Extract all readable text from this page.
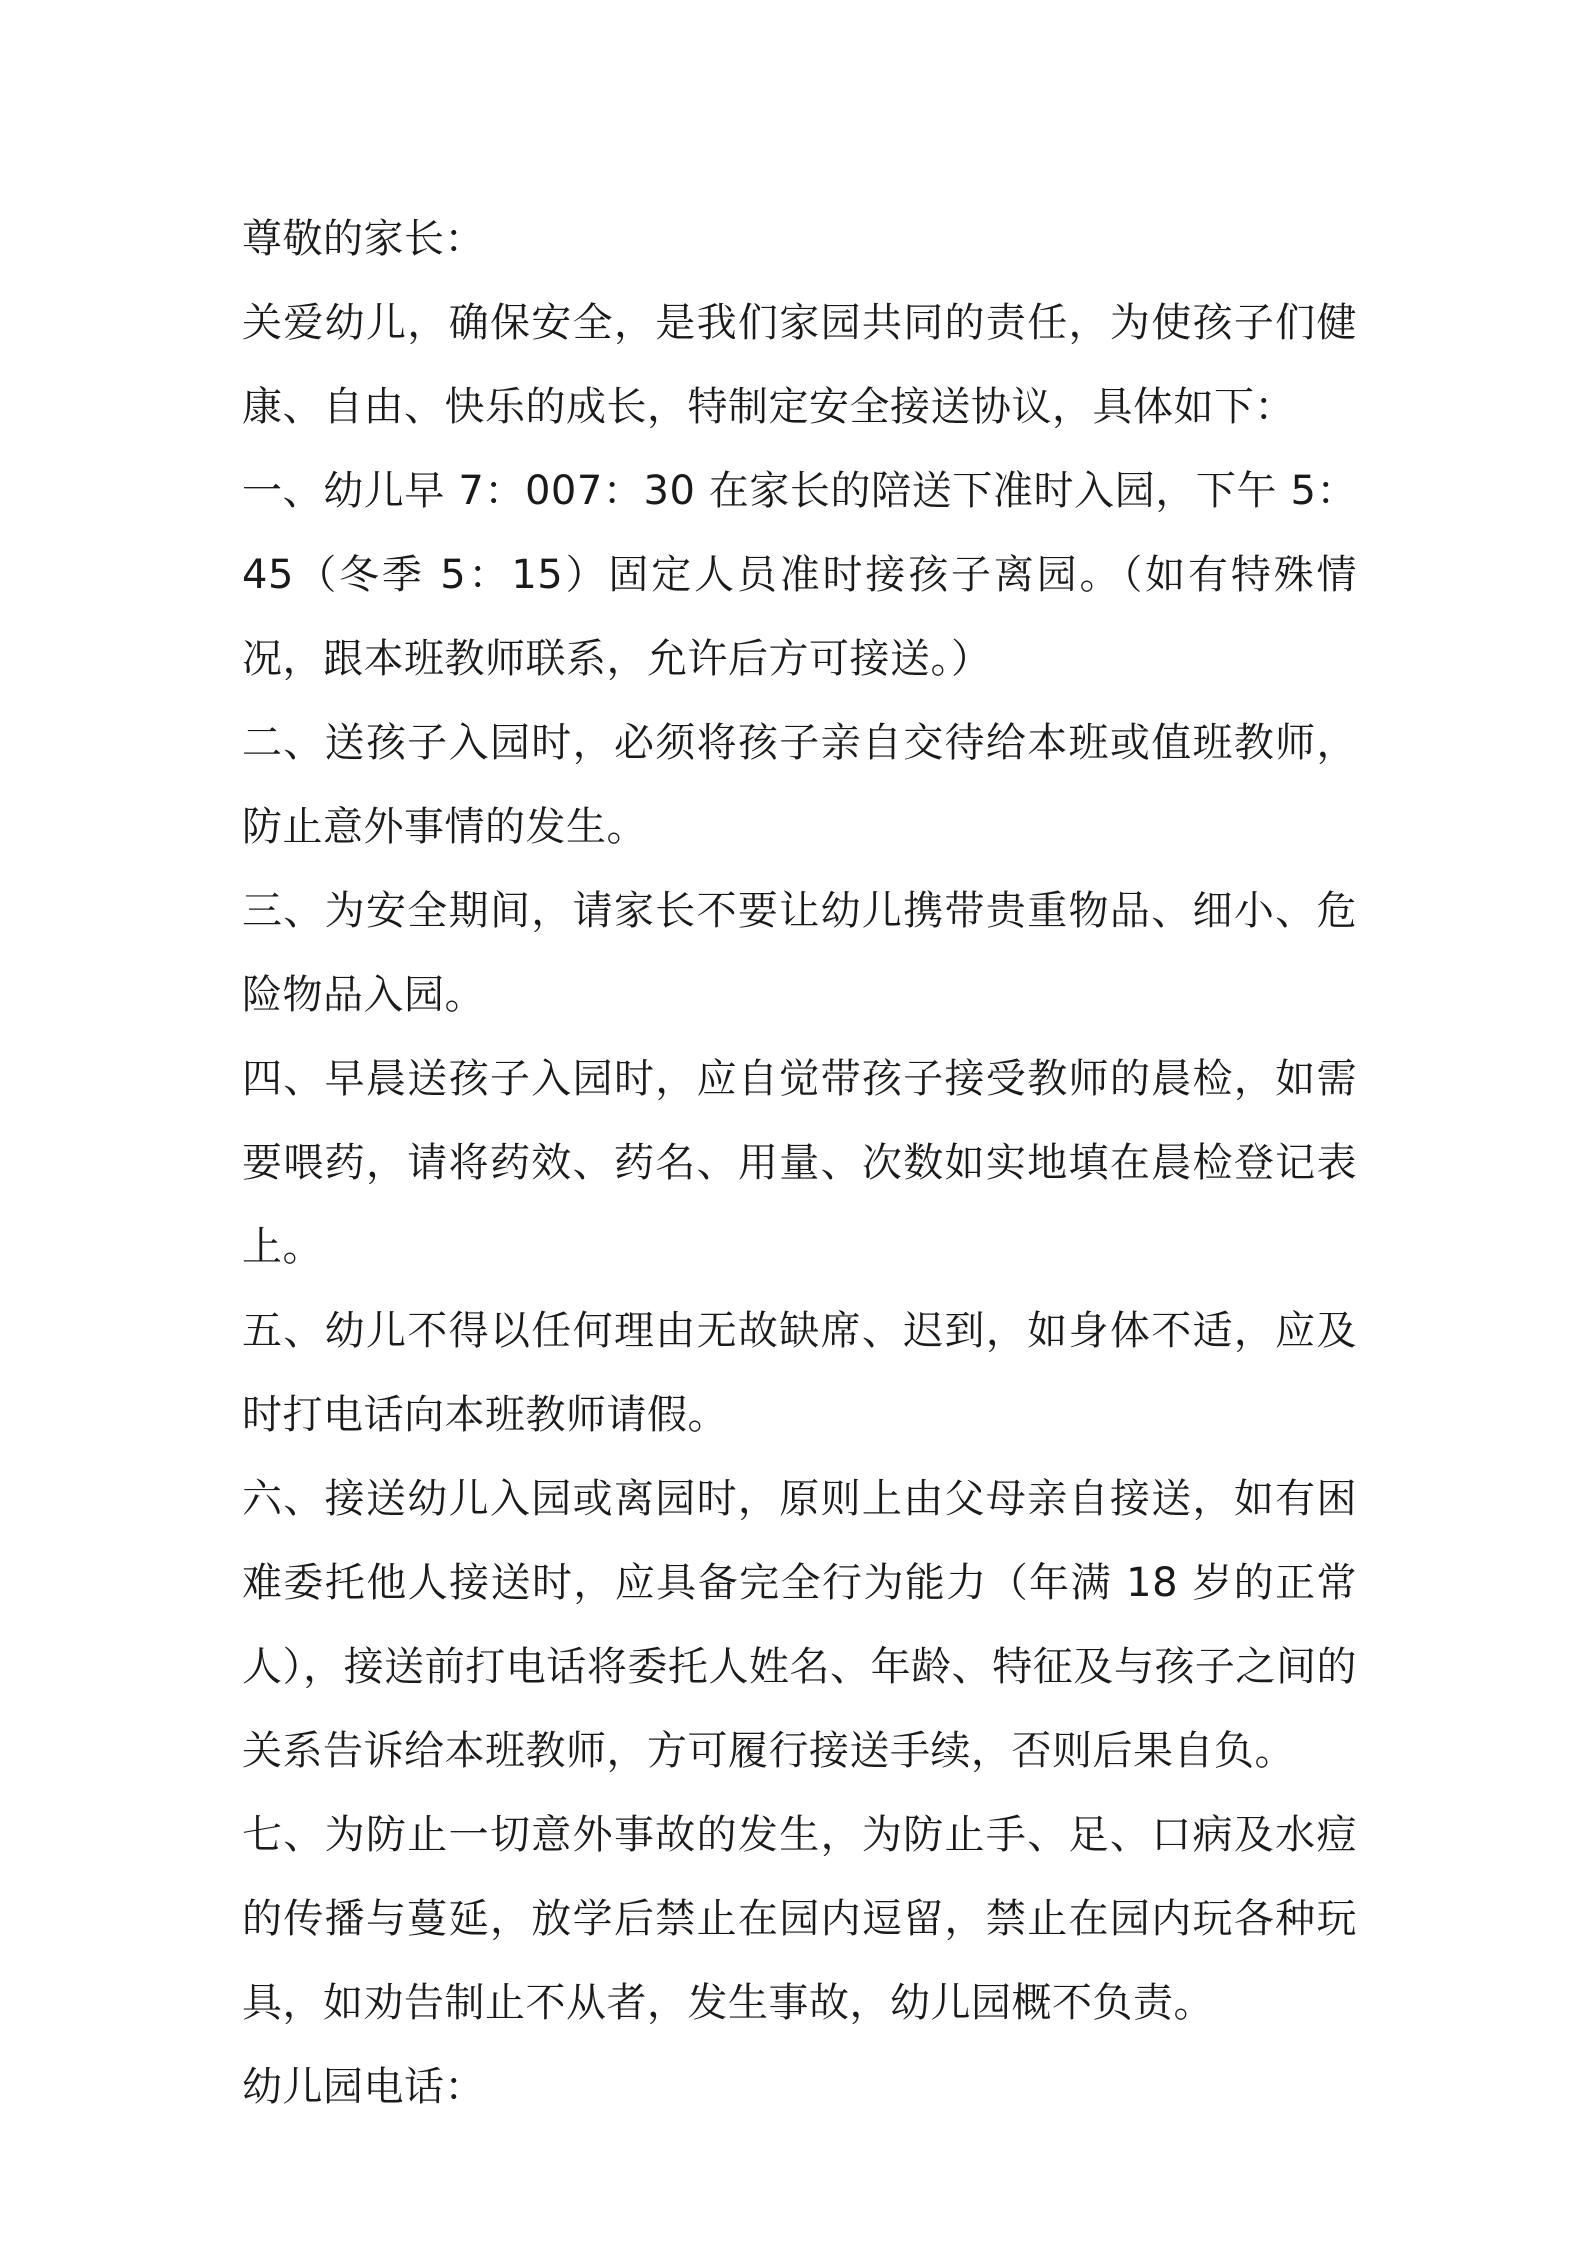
尊敬的家长：

关爱幼儿，确保安全，是我们家园共同的责任，为使孩子们健康、自由、快乐的成长，特制定安全接送协议，具体如下：

一、幼儿早 7：007：30 在家长的陪送下准时入园，下午 5：45（冬季 5：15）固定人员准时接孩子离园。（如有特殊情况，跟本班教师联系，允许后方可接送。）

二、送孩子入园时，必须将孩子亲自交待给本班或值班教师，防止意外事情的发生。

三、为安全期间，请家长不要让幼儿携带贵重物品、细小、危险物品入园。

四、早晨送孩子入园时，应自觉带孩子接受教师的晨检，如需要喂药，请将药效、药名、用量、次数如实地填在晨检登记表上。

五、幼儿不得以任何理由无故缺席、迟到，如身体不适，应及时打电话向本班教师请假。

六、接送幼儿入园或离园时，原则上由父母亲自接送，如有困难委托他人接送时，应具备完全行为能力（年满 18 岁的正常人），接送前打电话将委托人姓名、年龄、特征及与孩子之间的关系告诉给本班教师，方可履行接送手续，否则后果自负。

七、为防止一切意外事故的发生，为防止手、足、口病及水痘的传播与蔓延，放学后禁止在园内逗留，禁止在园内玩各种玩具，如劝告制止不从者，发生事故，幼儿园概不负责。

幼儿园电话：
